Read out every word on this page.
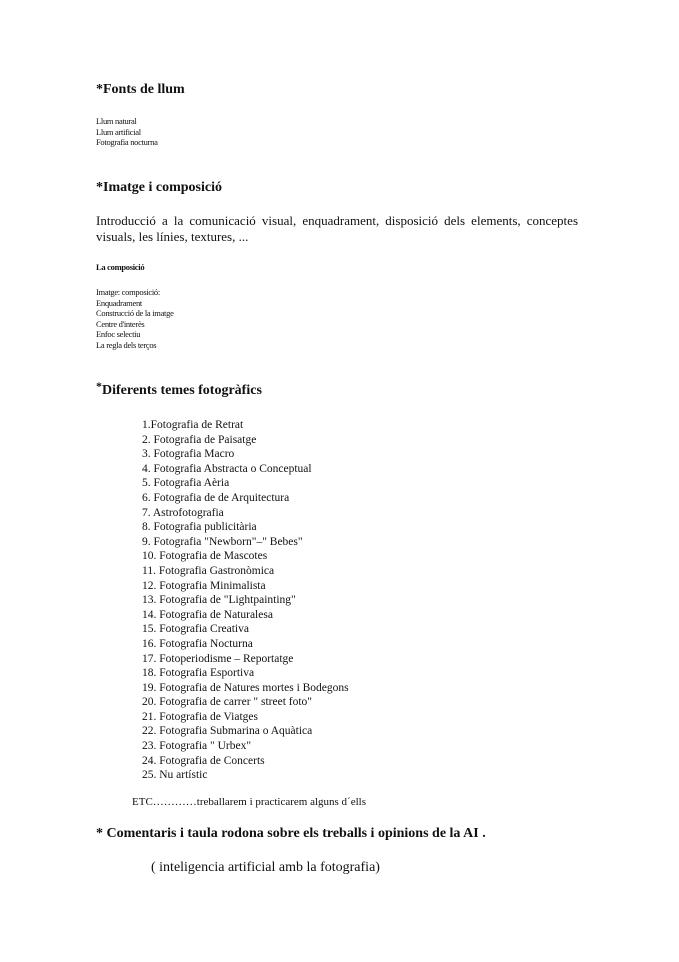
*Fonts de llum
Llum natural
Llum artificial
Fotografia nocturna
*Imatge i composició
Introducció a la comunicació visual, enquadrament, disposició dels elements, conceptes visuals, les línies, textures, ...
La composició
Imatge: composició:
Enquadrament
Construcció de la imatge
Centre d'interès
Enfoc selectiu
La regla dels terços
*Diferents temes fotogràfics
1.Fotografia de Retrat
2. Fotografia de Paisatge
3. Fotografia Macro
4. Fotografia Abstracta o Conceptual
5. Fotografia Aèria
6. Fotografia de de Arquitectura
7. Astrofotografia
8. Fotografia publicitària
9. Fotografia "Newborn"–" Bebes"
10. Fotografia de Mascotes
11. Fotografia Gastronòmica
12. Fotografia Minimalista
13. Fotografia de "Lightpainting"
14. Fotografia de Naturalesa
15. Fotografia Creativa
16. Fotografia Nocturna
17. Fotoperiodisme – Reportatge
18. Fotografia Esportiva
19. Fotografia de Natures mortes i Bodegons
20. Fotografia de carrer " street foto"
21. Fotografia de Viatges
22. Fotografia Submarina o Aquàtica
23. Fotografia " Urbex"
24. Fotografia de Concerts
25. Nu artístic
ETC…………treballarem i practicarem alguns d´ells
* Comentaris i taula rodona sobre els treballs i opinions de la AI .
( inteligencia artificial amb la fotografia)
